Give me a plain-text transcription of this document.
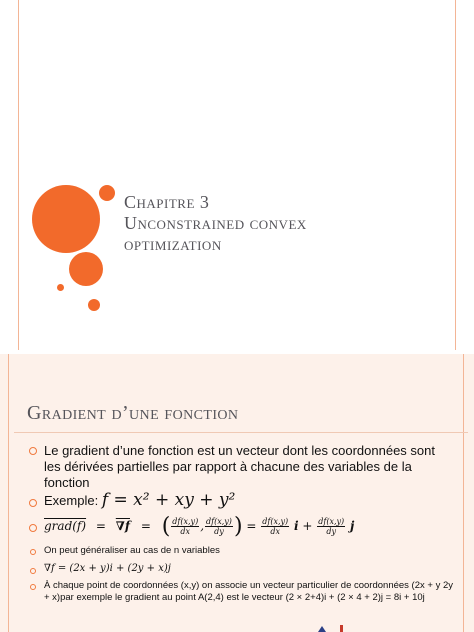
Chapitre 3
Unconstrained convex
optimization
Gradient d’une fonction
Le gradient d’une fonction est un vecteur dont les coordonnées sont les dérivées partielles par rapport à chacune des variables de la fonction
Exemple: f = x² + xy + y²
grad(f) = ∇f = ( $\frac{df(x,y)}{dx}$ , $\frac{df(x,y)}{dy}$ ) = $\frac{df(x,y)}{dx}$ $i + \frac{df(x,y)}{dy}$ j
On peut généraliser au cas de n variables
∇f = (2x + y)i + (2y + x)j
À chaque point de coordonnées (x,y) on associe un vecteur particulier de coordonnées (2x + y 2y + x)par exemple le gradient au point A(2,4) est le vecteur (2 × 2+4)i + (2 × 4 + 2)j = 8i + 10j
